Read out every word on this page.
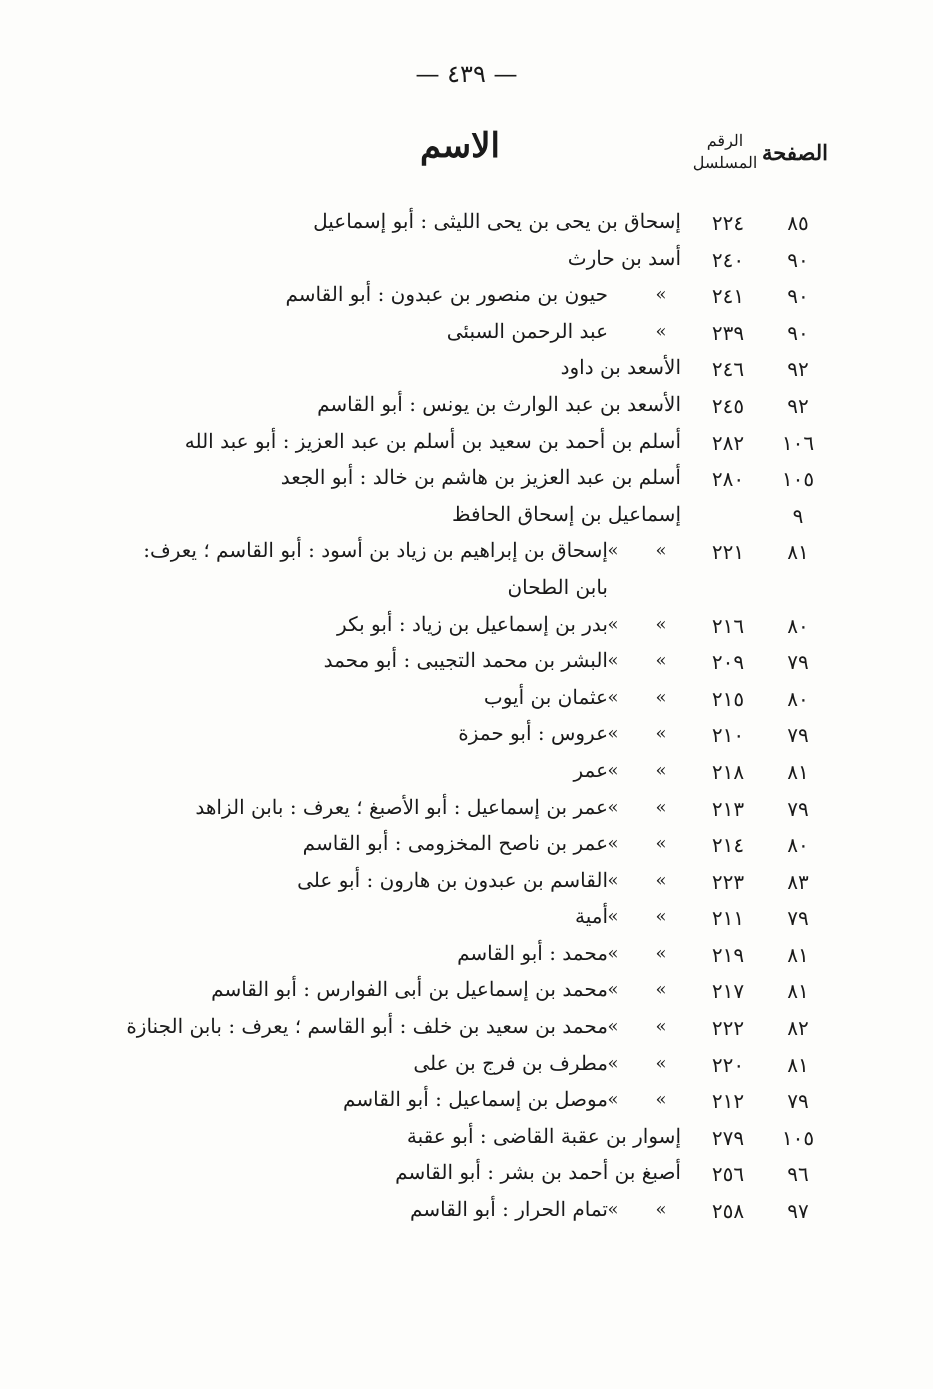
— ٤٣٩ —
الصفحة
الرقم
المسلسل
الاسم
٨٥
٢٢٤
إسحاق بن يحى بن يحى الليثى : أبو إسماعيل
٩٠
٢٤٠
أسد بن حارث
٩٠
٢٤١
»
حيون بن منصور بن عبدون : أبو القاسم
٩٠
٢٣٩
»
عبد الرحمن السبئى
٩٢
٢٤٦
الأسعد بن داود
٩٢
٢٤٥
الأسعد بن عبد الوارث بن يونس : أبو القاسم
١٠٦
٢٨٢
أسلم بن أحمد بن سعيد بن أسلم بن عبد العزيز : أبو عبد الله
١٠٥
٢٨٠
أسلم بن عبد العزيز بن هاشم بن خالد : أبو الجعد
٩
إسماعيل بن إسحاق الحافظ
٨١
٢٢١
»
»
إسحاق بن إبراهيم بن زياد بن أسود : أبو القاسم ؛ يعرف:
بابن الطحان
٨٠
٢١٦
»
»
بدر بن إسماعيل بن زياد : أبو بكر
٧٩
٢٠٩
»
»
البشر بن محمد التجيبى : أبو محمد
٨٠
٢١٥
»
»
عثمان بن أيوب
٧٩
٢١٠
»
»
عروس : أبو حمزة
٨١
٢١٨
»
»
عمر
٧٩
٢١٣
»
»
عمر بن إسماعيل : أبو الأصبغ ؛ يعرف : بابن الزاهد
٨٠
٢١٤
»
»
عمر بن ناصح المخزومى : أبو القاسم
٨٣
٢٢٣
»
»
القاسم بن عبدون بن هارون : أبو على
٧٩
٢١١
»
»
أمية
٨١
٢١٩
»
»
محمد : أبو القاسم
٨١
٢١٧
»
»
محمد بن إسماعيل بن أبى الفوارس : أبو القاسم
٨٢
٢٢٢
»
»
محمد بن سعيد بن خلف : أبو القاسم ؛ يعرف : بابن الجنازة
٨١
٢٢٠
»
»
مطرف بن فرج بن على
٧٩
٢١٢
»
»
موصل بن إسماعيل : أبو القاسم
١٠٥
٢٧٩
إسوار بن عقبة القاضى : أبو عقبة
٩٦
٢٥٦
أصبغ بن أحمد بن بشر : أبو القاسم
٩٧
٢٥٨
»
»
تمام الحرار : أبو القاسم
